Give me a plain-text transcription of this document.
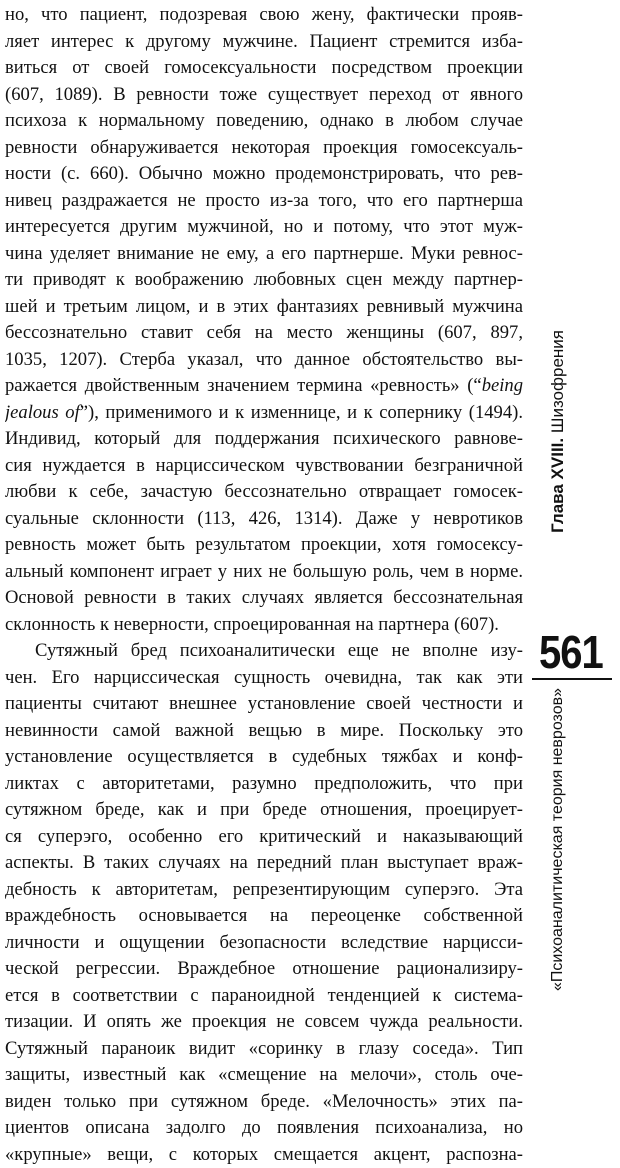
но, что пациент, подозревая свою жену, фактически прояв-
ляет интерес к другому мужчине. Пациент стремится изба-
виться от своей гомосексуальности посредством проекции
(607, 1089). В ревности тоже существует переход от явного
психоза к нормальному поведению, однако в любом случае
ревности обнаруживается некоторая проекция гомосексуаль-
ности (с. 660). Обычно можно продемонстрировать, что рев-
нивец раздражается не просто из-за того, что его партнерша
интересуется другим мужчиной, но и потому, что этот муж-
чина уделяет внимание не ему, а его партнерше. Муки ревнос-
ти приводят к воображению любовных сцен между партнер-
шей и третьим лицом, и в этих фантазиях ревнивый мужчина
бессознательно ставит себя на место женщины (607, 897,
1035, 1207). Стерба указал, что данное обстоятельство вы-
ражается двойственным значением термина «ревность» (“being
jealous of”), применимого и к изменнице, и к сопернику (1494).
Индивид, который для поддержания психического равнове-
сия нуждается в нарциссическом чувствовании безграничной
любви к себе, зачастую бессознательно отвращает гомосек-
суальные склонности (113, 426, 1314). Даже у невротиков
ревность может быть результатом проекции, хотя гомосексу-
альный компонент играет у них не большую роль, чем в норме.
Основой ревности в таких случаях является бессознательная
склонность к неверности, спроецированная на партнера (607).
Сутяжный бред психоаналитически еще не вполне изу-
чен. Его нарциссическая сущность очевидна, так как эти
пациенты считают внешнее установление своей честности и
невинности самой важной вещью в мире. Поскольку это
установление осуществляется в судебных тяжбах и конф-
ликтах с авторитетами, разумно предположить, что при
сутяжном бреде, как и при бреде отношения, проецирует-
ся суперэго, особенно его критический и наказывающий
аспекты. В таких случаях на передний план выступает враж-
дебность к авторитетам, репрезентирующим суперэго. Эта
враждебность основывается на переоценке собственной
личности и ощущении безопасности вследствие нарцисси-
ческой регрессии. Враждебное отношение рационализиру-
ется в соответствии с параноидной тенденцией к система-
тизации. И опять же проекция не совсем чужда реальности.
Сутяжный параноик видит «соринку в глазу соседа». Тип
защиты, известный как «смещение на мелочи», столь оче-
виден только при сутяжном бреде. «Мелочность» этих па-
циентов описана задолго до появления психоанализа, но
«крупные» вещи, с которых смещается акцент, распозна-
Глава XVIII. Шизофрения
561
«Психоаналитическая теория неврозов»
